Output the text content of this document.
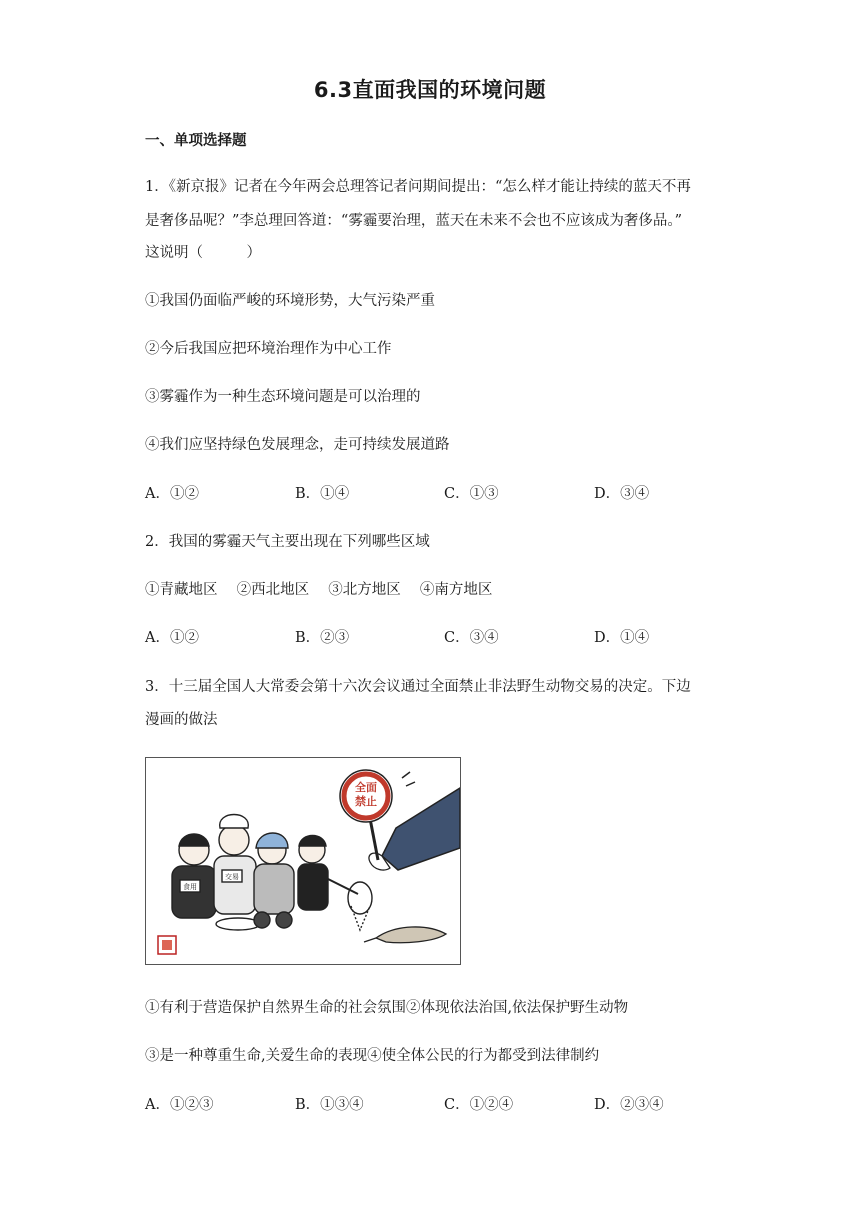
6.3直面我国的环境问题
一、单项选择题
1．《新京报》记者在今年两会总理答记者问期间提出：“怎么样才能让持续的蓝天不再
是奢侈品呢？”李总理回答道：“雾霾要治理，蓝天在未来不会也不应该成为奢侈品。”
这说明（　　　）
①我国仍面临严峻的环境形势，大气污染严重
②今后我国应把环境治理作为中心工作
③雾霾作为一种生态环境问题是可以治理的
④我们应坚持绿色发展理念，走可持续发展道路
A．①②	B．①④	C．①③	D．③④
2．我国的雾霾天气主要出现在下列哪些区域
①青藏地区　 ②西北地区　 ③北方地区　 ④南方地区
A．①②	B．②③	C．③④	D．①④
3．十三届全国人大常委会第十六次会议通过全面禁止非法野生动物交易的决定。下边
漫画的做法
全面
禁止
食用
交易
①有利于营造保护自然界生命的社会氛围②体现依法治国,依法保护野生动物
③是一种尊重生命,关爱生命的表现④使全体公民的行为都受到法律制约
A．①②③	B．①③④	C．①②④	D．②③④
